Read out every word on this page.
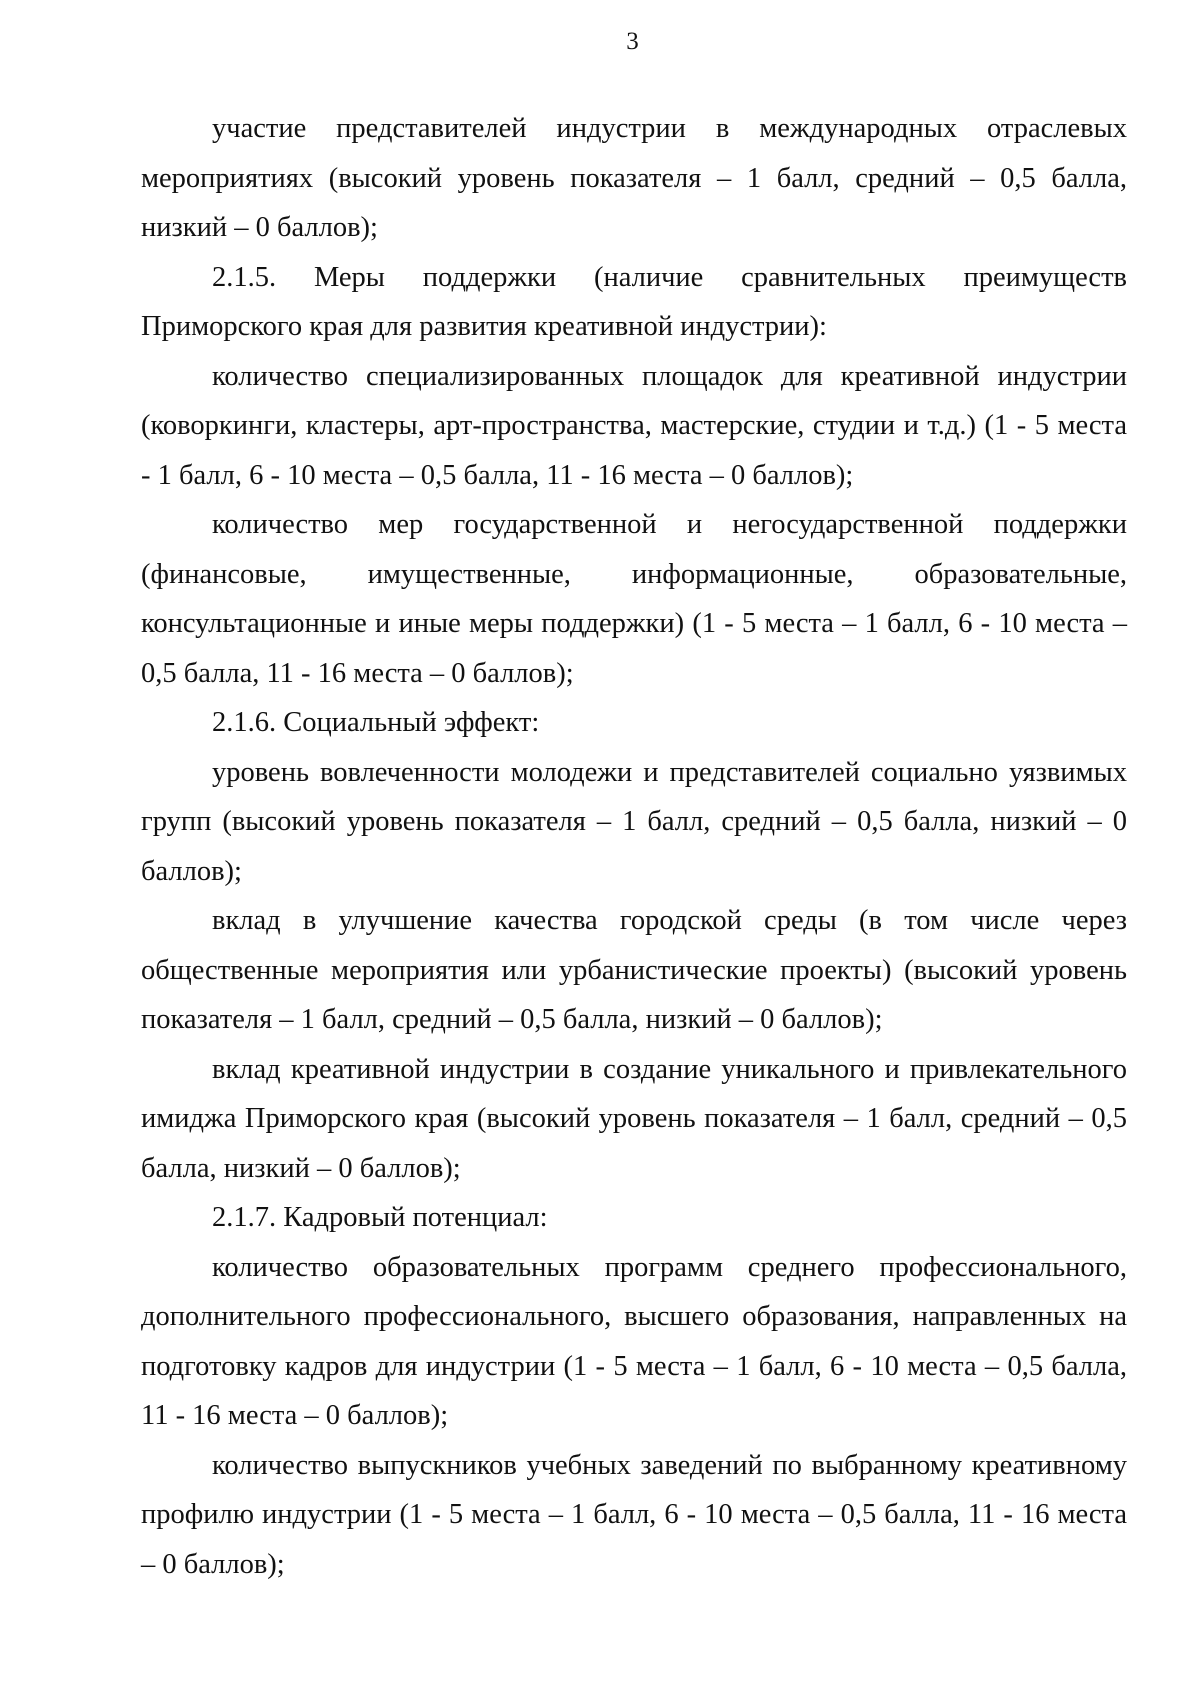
3

участие представителей индустрии в международных отраслевых мероприятиях (высокий уровень показателя – 1 балл, средний – 0,5 балла, низкий – 0 баллов);

2.1.5. Меры поддержки (наличие сравнительных преимуществ Приморского края для развития креативной индустрии):

количество специализированных площадок для креативной индустрии (коворкинги, кластеры, арт-пространства, мастерские, студии и т.д.) (1 - 5 места - 1 балл, 6 - 10 места – 0,5 балла, 11 - 16 места – 0 баллов);

количество мер государственной и негосударственной поддержки (финансовые, имущественные, информационные, образовательные, консультационные и иные меры поддержки) (1 - 5 места – 1 балл, 6 - 10 места – 0,5 балла, 11 - 16 места – 0 баллов);

2.1.6. Социальный эффект:

уровень вовлеченности молодежи и представителей социально уязвимых групп (высокий уровень показателя – 1 балл, средний – 0,5 балла, низкий – 0 баллов);

вклад в улучшение качества городской среды (в том числе через общественные мероприятия или урбанистические проекты) (высокий уровень показателя – 1 балл, средний – 0,5 балла, низкий – 0 баллов);

вклад креативной индустрии в создание уникального и привлекательного имиджа Приморского края (высокий уровень показателя – 1 балл, средний – 0,5 балла, низкий – 0 баллов);

2.1.7. Кадровый потенциал:

количество образовательных программ среднего профессионального, дополнительного профессионального, высшего образования, направленных на подготовку кадров для индустрии (1 - 5 места – 1 балл, 6 - 10 места – 0,5 балла, 11 - 16 места – 0 баллов);

количество выпускников учебных заведений по выбранному креативному профилю индустрии (1 - 5 места – 1 балл, 6 - 10 места – 0,5 балла, 11 - 16 места – 0 баллов);
